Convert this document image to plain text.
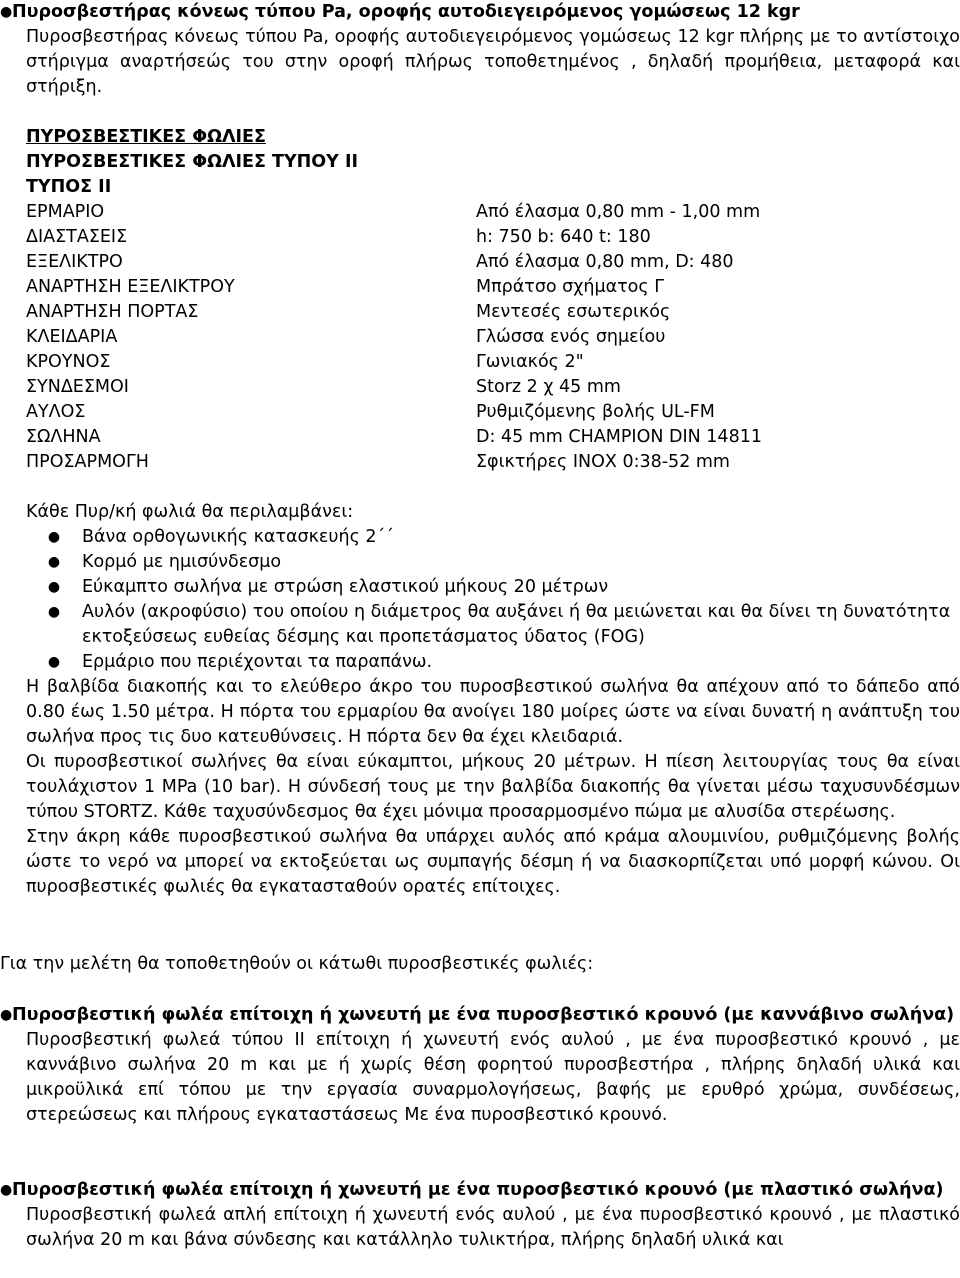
● Πυροσβεστήρας κόνεως τύπου Pa, οροφής αυτοδιεγειρόμενος γομώσεως 12 kgr
Πυροσβεστήρας κόνεως τύπου Pa, οροφής αυτοδιεγειρόμενος γομώσεως 12 kgr πλήρης με το αντίστοιχο στήριγμα αναρτήσεώς του στην οροφή πλήρως τοποθετημένος , δηλαδή προμήθεια, μεταφορά και στήριξη.
ΠΥΡΟΣΒΕΣΤΙΚΕΣ ΦΩΛΙΕΣ
ΠΥΡΟΣΒΕΣΤΙΚΕΣ ΦΩΛΙΕΣ ΤΥΠΟΥ ΙΙ
ΤΥΠΟΣ ΙΙ
ΕΡΜΑΡΙΟ	Από έλασμα 0,80 mm - 1,00 mm
ΔΙΑΣΤΑΣΕΙΣ	h: 750 b: 640 t: 180
ΕΞΕΛΙΚΤΡΟ	Από έλασμα 0,80 mm, D: 480
ΑΝΑΡΤΗΣΗ ΕΞΕΛΙΚΤΡΟΥ	Μπράτσο σχήματος Γ
ΑΝΑΡΤΗΣΗ ΠΟΡΤΑΣ	Μεντεσές εσωτερικός
ΚΛΕΙΔΑΡΙΑ	Γλώσσα ενός σημείου
ΚΡΟΥΝΟΣ	Γωνιακός 2"
ΣΥΝΔΕΣΜΟΙ	Storz 2 χ 45 mm
ΑΥΛΟΣ	Ρυθμιζόμενης βολής UL-FM
ΣΩΛΗΝΑ	D: 45 mm CHAMPION DIN 14811
ΠΡΟΣΑΡΜΟΓΗ	Σφικτήρες ΙΝΟΧ 0:38-52 mm
Κάθε Πυρ/κή φωλιά θα περιλαμβάνει:
●	Βάνα ορθογωνικής κατασκευής 2΄΄
●	Κορμό με ημισύνδεσμο
●	Εύκαμπτο σωλήνα με στρώση ελαστικού μήκους 20 μέτρων
●	Αυλόν (ακροφύσιο) του οποίου η διάμετρος θα αυξάνει ή θα μειώνεται και θα δίνει τη δυνατότητα εκτοξεύσεως ευθείας δέσμης και προπετάσματος ύδατος (FOG)
●	Ερμάριο που περιέχονται τα παραπάνω.
Η βαλβίδα διακοπής και το ελεύθερο άκρο του πυροσβεστικού σωλήνα θα απέχουν από το δάπεδο από 0.80 έως 1.50 μέτρα. Η πόρτα του ερμαρίου θα ανοίγει 180 μοίρες ώστε να είναι δυνατή η ανάπτυξη του σωλήνα προς τις δυο κατευθύνσεις. Η πόρτα δεν θα έχει κλειδαριά.
Οι πυροσβεστικοί σωλήνες θα είναι εύκαμπτοι, μήκους 20 μέτρων. Η πίεση λειτουργίας τους θα είναι τουλάχιστον 1 MPa (10 bar). Η σύνδεσή τους με την βαλβίδα διακοπής θα γίνεται μέσω ταχυσυνδέσμων τύπου STORTZ. Κάθε ταχυσύνδεσμος θα έχει μόνιμα προσαρμοσμένο πώμα με αλυσίδα στερέωσης.
Στην άκρη κάθε πυροσβεστικού σωλήνα θα υπάρχει αυλός από κράμα αλουμινίου, ρυθμιζόμενης βολής ώστε το νερό να μπορεί να εκτοξεύεται ως συμπαγής δέσμη ή να διασκορπίζεται υπό μορφή κώνου. Οι πυροσβεστικές φωλιές θα εγκατασταθούν ορατές επίτοιχες.
Για την μελέτη θα τοποθετηθούν οι κάτωθι πυροσβεστικές φωλιές:
● Πυροσβεστική φωλέα επίτοιχη ή χωνευτή με ένα πυροσβεστικό κρουνό (με καννάβινο σωλήνα)
Πυροσβεστική φωλεά τύπου ΙΙ επίτοιχη ή χωνευτή ενός αυλού , με ένα πυροσβεστικό κρουνό , με καννάβινο σωλήνα 20 m και με ή χωρίς θέση φορητού πυροσβεστήρα , πλήρης δηλαδή υλικά και μικροϋλικά επί τόπου με την εργασία συναρμολογήσεως, βαφής με ερυθρό χρώμα, συνδέσεως, στερεώσεως και πλήρους εγκαταστάσεως Με ένα πυροσβεστικό κρουνό.
● Πυροσβεστική φωλέα επίτοιχη ή χωνευτή με ένα πυροσβεστικό κρουνό (με πλαστικό σωλήνα)
Πυροσβεστική φωλεά απλή επίτοιχη ή χωνευτή ενός αυλού , με ένα πυροσβεστικό κρουνό , με πλαστικό σωλήνα 20 m και βάνα σύνδεσης και κατάλληλο τυλικτήρα, πλήρης δηλαδή υλικά και
